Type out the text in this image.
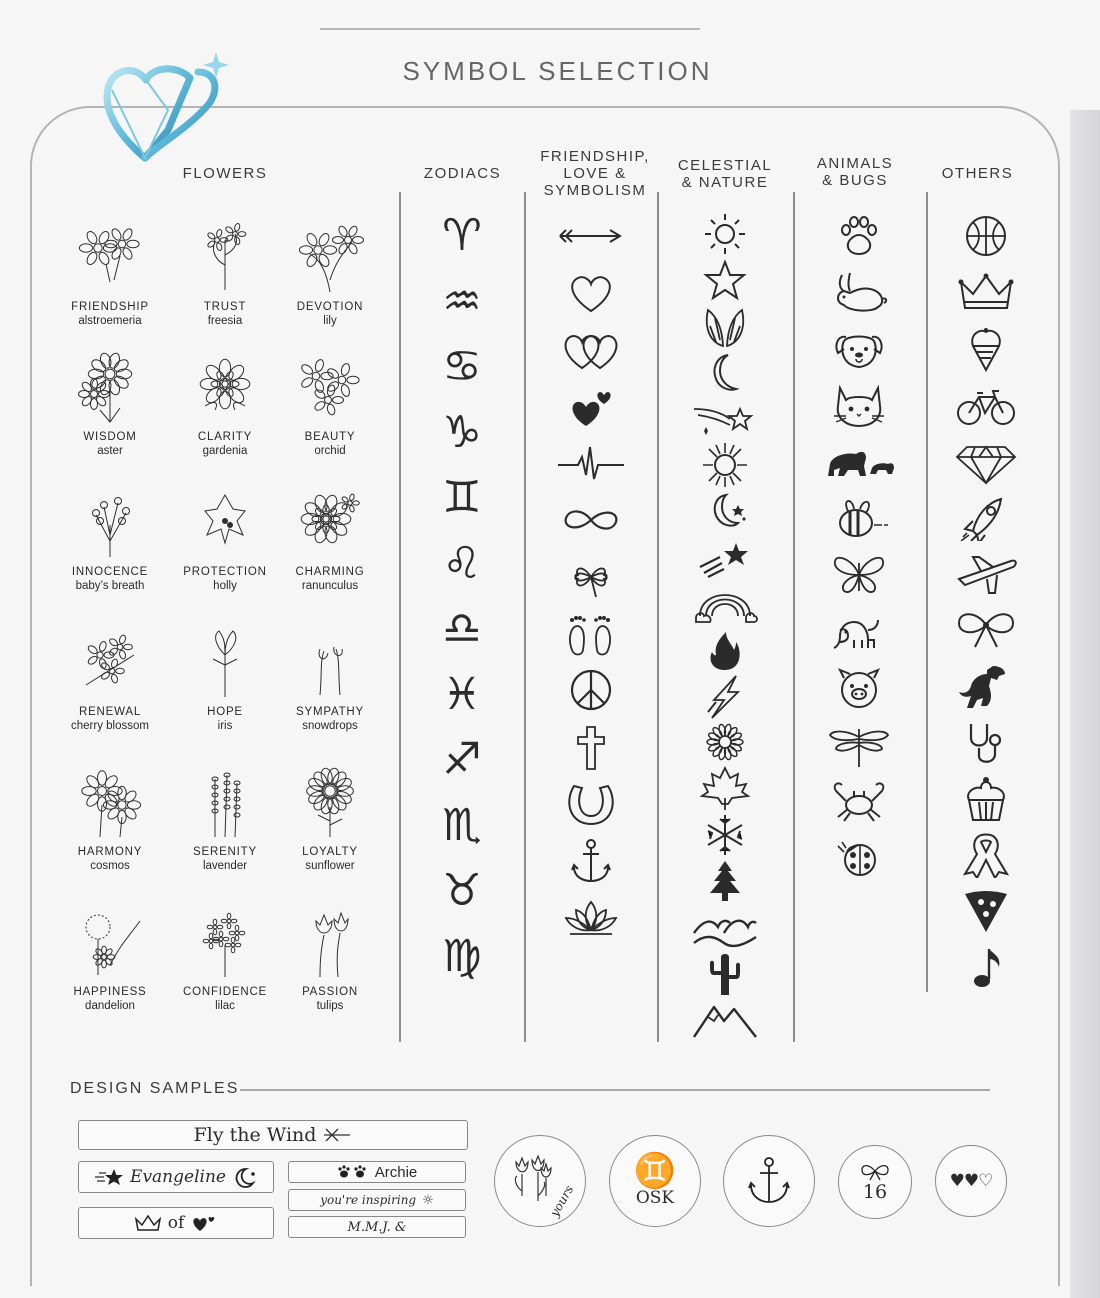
SYMBOL SELECTION
FLOWERS	ZODIACS
FRIENDSHIP,
LOVE &
SYMBOLISM
CELESTIAL
& NATURE
ANIMALS
& BUGS	OTHERS
FRIENDSHIP
alstroemeria
TRUST
freesia
DEVOTION
lily
WISDOM
aster
CLARITY
gardenia
BEAUTY
orchid
INNOCENCE
baby’s breath
PROTECTION
holly
CHARMING
ranunculus
RENEWAL
cherry blossom
HOPE
iris
SYMPATHY
snowdrops
HARMONY
cosmos
SERENITY
lavender
LOYALTY
sunflower
HAPPINESS
dandelion
CONFIDENCE
lilac
PASSION
tulips
♈
♒
♋
♑
♊
♌
♎
♓
♐
♏
♉
♍
DESIGN SAMPLES
Fly the Wind
Evangeline
of
Archie
you're inspiring ☼
M.M.J. &
yours
♊
OSK	16	♥♥♡
